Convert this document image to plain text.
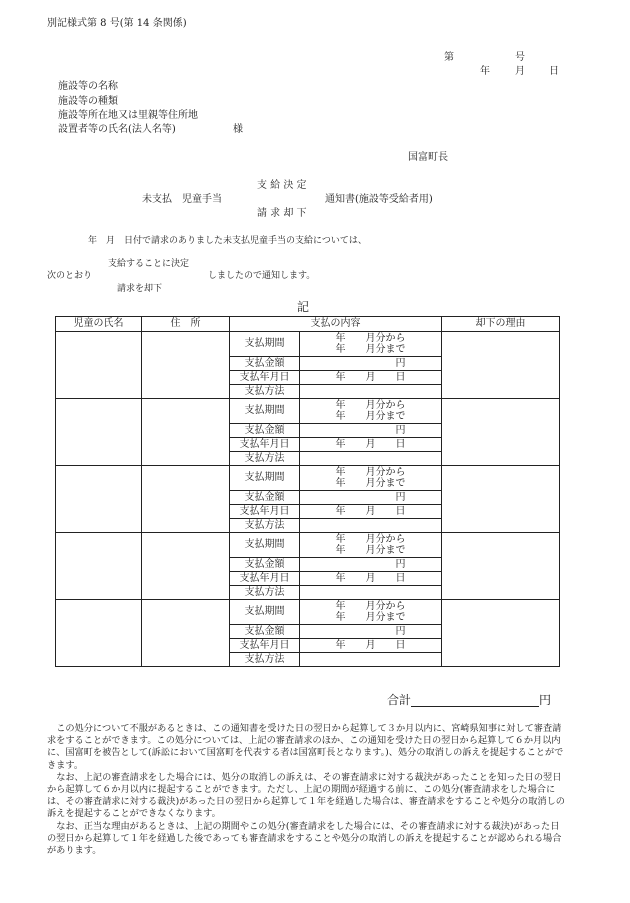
別記様式第 8 号(第 14 条関係)
第	号
年	月 日
施設等の名称
施設等の種類
施設等所在地又は里親等住所地
設置者等の氏名(法人名等)	様
国富町長
支 給 決 定
未支払　児童手当	通知書(施設等受給者用)
請 求 却 下
年　月　日付で請求のありました未支払児童手当の支給については、
支給することに決定
次のとおり	しましたので通知します。
請求を却下
記
児童の氏名	住　所	支払の内容		却下の理由
		支払期間	年　　月分から
年　　月分まで	

		支払金額	円	
		支払年月日	年　　月　　日	
		支払方法		
		支払期間	年　　月分から
年　　月分まで	

		支払金額	円	
		支払年月日	年　　月　　日	
		支払方法		
		支払期間	年　　月分から
年　　月分まで	

		支払金額	円	
		支払年月日	年　　月　　日	
		支払方法		
		支払期間	年　　月分から
年　　月分まで	

		支払金額	円	
		支払年月日	年　　月　　日	
		支払方法		
		支払期間	年　　月分から
年　　月分まで	

		支払金額	円	
		支払年月日	年　　月　　日	
		支払方法		
合計	円

この処分について不服があるときは、この通知書を受けた日の翌日から起算して３か月以内に、宮崎県知事に対して審査請求をすることができます。この処分については、上記の審査請求のほか、この通知を受けた日の翌日から起算して６か月以内に、国富町を被告として(訴訟において国富町を代表する者は国富町長となります。)、処分の取消しの訴えを提起することができます。

なお、上記の審査請求をした場合には、処分の取消しの訴えは、その審査請求に対する裁決があったことを知った日の翌日から起算して６か月以内に提起することができます。ただし、上記の期間が経過する前に、この処分(審査請求をした場合には、その審査請求に対する裁決)があった日の翌日から起算して１年を経過した場合は、審査請求をすることや処分の取消しの訴えを提起することができなくなります。

なお、正当な理由があるときは、上記の期間やこの処分(審査請求をした場合には、その審査請求に対する裁決)があった日の翌日から起算して１年を経過した後であっても審査請求をすることや処分の取消しの訴えを提起することが認められる場合があります。
